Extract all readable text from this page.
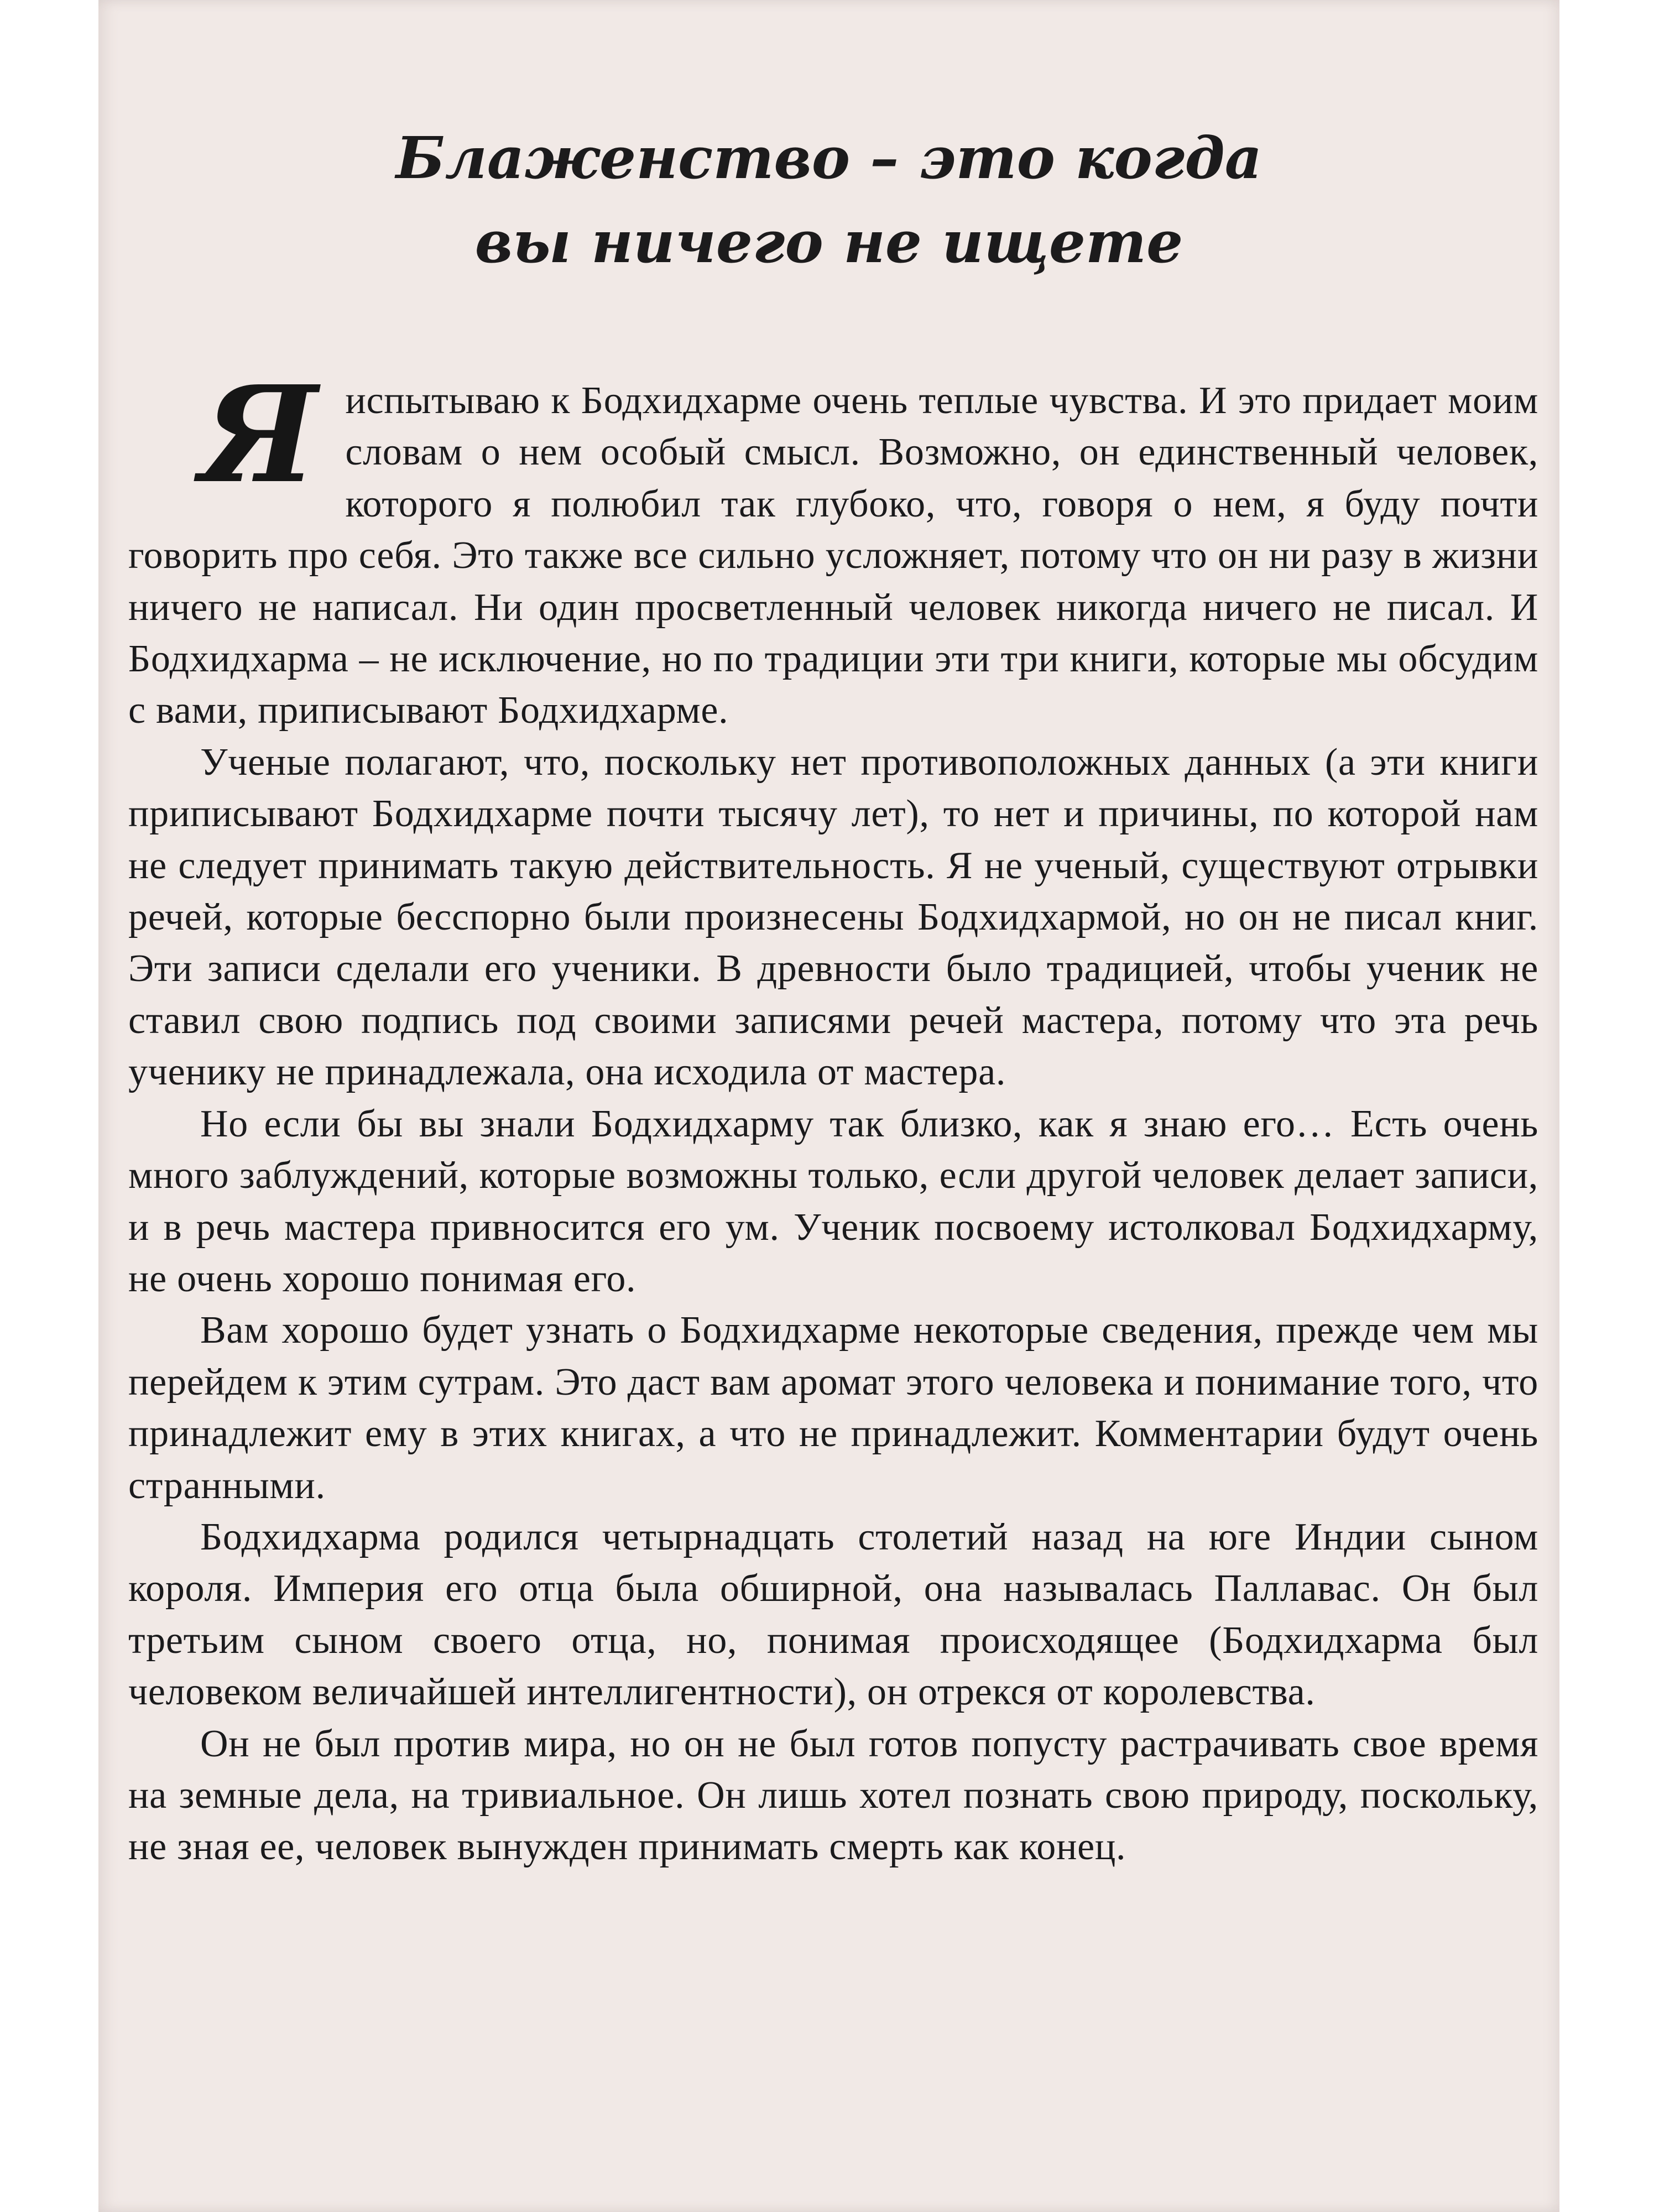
Блаженство – это когда
вы ничего не ищете

Я испытываю к Бодхидхарме очень теплые чувства. И это придает моим словам о нем особый смысл. Возможно, он единственный человек, которого я полюбил так глубоко, что, говоря о нем, я буду почти говорить про себя. Это также все сильно усложняет, потому что он ни разу в жизни ничего не написал. Ни один просветленный человек никогда ничего не писал. И Бодхидхарма – не исключение, но по традиции эти три книги, которые мы обсудим с вами, приписывают Бодхидхарме.

Ученые полагают, что, поскольку нет противоположных данных (а эти книги приписывают Бодхидхарме почти тысячу лет), то нет и причины, по которой нам не следует принимать такую действительность. Я не ученый, существуют отрывки речей, которые бесспорно были произнесены Бодхидхармой, но он не писал книг. Эти записи сделали его ученики. В древности было традицией, чтобы ученик не ставил свою подпись под своими записями речей мастера, потому что эта речь ученику не принадлежала, она исходила от мастера.

Но если бы вы знали Бодхидхарму так близко, как я знаю его… Есть очень много заблуждений, которые возможны только, если другой человек делает записи, и в речь мастера привносится его ум. Ученик посвоему истолковал Бодхидхарму, не очень хорошо понимая его.

Вам хорошо будет узнать о Бодхидхарме некоторые сведения, прежде чем мы перейдем к этим сутрам. Это даст вам аромат этого человека и понимание того, что принадлежит ему в этих книгах, а что не принадлежит. Комментарии будут очень странными.

Бодхидхарма родился четырнадцать столетий назад на юге Индии сыном короля. Империя его отца была обширной, она называлась Паллавас. Он был третьим сыном своего отца, но, понимая происходящее (Бодхидхарма был человеком величайшей интеллигентности), он отрекся от королевства.

Он не был против мира, но он не был готов попусту растрачивать свое время на земные дела, на тривиальное. Он лишь хотел познать свою природу, поскольку, не зная ее, человек вынужден принимать смерть как конец.
